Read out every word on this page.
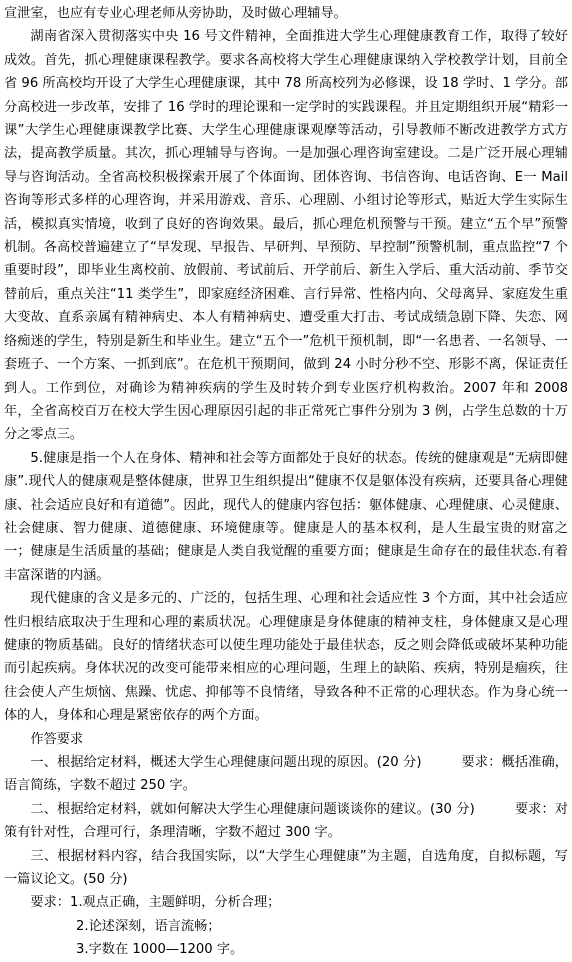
宣泄室，也应有专业心理老师从旁协助，及时做心理辅导。

湖南省深入贯彻落实中央 16 号文件精神，全面推进大学生心理健康教育工作，取得了较好成效。首先，抓心理健康课程教学。要求各高校将大学生心理健康课纳入学校教学计划，目前全省 96 所高校均开设了大学生心理健康课，其中 78 所高校列为必修课，设 18 学时、1 学分。部分高校进一步改革，安排了 16 学时的理论课和一定学时的实践课程。并且定期组织开展“精彩一课”大学生心理健康课教学比赛、大学生心理健康课观摩等活动，引导教师不断改进教学方式方法，提高教学质量。其次，抓心理辅导与咨询。一是加强心理咨询室建设。二是广泛开展心理辅导与咨询活动。全省高校积极探索开展了个体面询、团体咨询、书信咨询、电话咨询、E一 Mail 咨询等形式多样的心理咨询，并采用游戏、音乐、心理剧、小组讨论等形式，贴近大学生实际生活，模拟真实情境，收到了良好的咨询效果。最后，抓心理危机预警与干预。建立“五个早”预警机制。各高校普遍建立了“早发现、早报告、早研判、早预防、早控制”预警机制，重点监控“7 个重要时段”，即毕业生离校前、放假前、考试前后、开学前后、新生入学后、重大活动前、季节交替前后，重点关注“11 类学生”，即家庭经济困难、言行异常、性格内向、父母离异、家庭发生重大变故、直系亲属有精神病史、本人有精神病史、遭受重大打击、考试成绩急剧下降、失恋、网络痴迷的学生，特别是新生和毕业生。建立“五个一”危机干预机制，即“一名患者、一名领导、一套班子、一个方案、一抓到底”。在危机干预期间，做到 24 小时分秒不空、形影不离，保证责任到人。工作到位，对确诊为精神疾病的学生及时转介到专业医疗机构救治。2007 年和 2008 年，全省高校百万在校大学生因心理原因引起的非正常死亡事件分别为 3 例，占学生总数的十万分之零点三。

5.健康是指一个人在身体、精神和社会等方面都处于良好的状态。传统的健康观是“无病即健康”.现代人的健康观是整体健康，世界卫生组织提出“健康不仅是躯体没有疾病，还要具备心理健康、社会适应良好和有道德”。因此，现代人的健康内容包括：躯体健康、心理健康、心灵健康、社会健康、智力健康、道德健康、环境健康等。健康是人的基本权利，是人生最宝贵的财富之一；健康是生活质量的基础；健康是人类自我觉醒的重要方面；健康是生命存在的最佳状态.有着丰富深谐的内涵。

现代健康的含义是多元的、广泛的，包括生理、心理和社会适应性 3 个方面，其中社会适应性归根结底取决于生理和心理的素质状况。心理健康是身体健康的精神支柱，身体健康又是心理健康的物质基础。良好的情绪状态可以使生理功能处于最佳状态，反之则会降低或破坏某种功能而引起疾病。身体状况的改变可能带来相应的心理问题，生理上的缺陷、疾病，特别是痼疾，往往会使人产生烦恼、焦躁、忧虑、抑郁等不良情绪，导致各种不正常的心理状态。作为身心统一体的人，身体和心理是紧密依存的两个方面。

作答要求

一、根据给定材料，概述大学生心理健康问题出现的原因。(20 分)　　　要求：概括准确，语言简练，字数不超过 250 字。

二、根据给定材料，就如何解决大学生心理健康问题谈谈你的建议。(30 分)　　　要求：对策有针对性，合理可行，条理清晰，字数不超过 300 字。

三、根据材料内容，结合我国实际，以“大学生心理健康”为主题，自选角度，自拟标题，写一篇议论文。(50 分)

要求：1.观点正确，主题鲜明，分析合理；
2.论述深刻，语言流畅；
3.字数在 1000—1200 字。
